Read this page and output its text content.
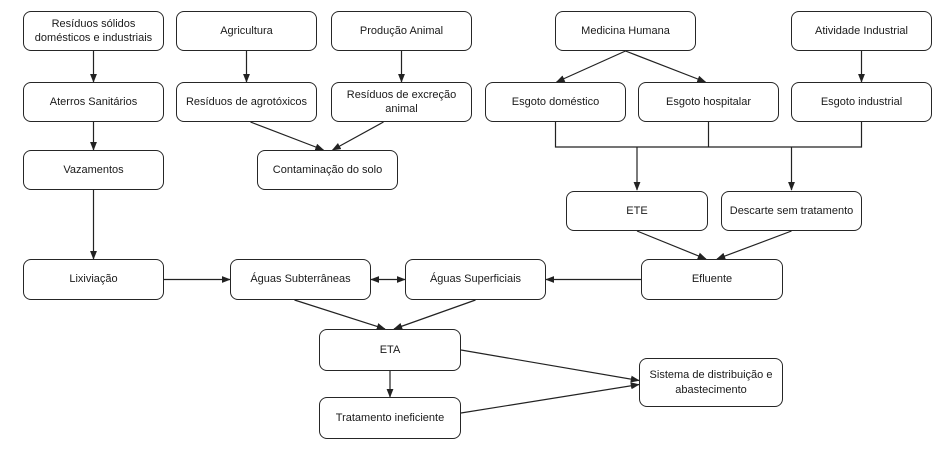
Resíduos sólidos domésticos e industriais
Agricultura	Produção Animal	Medicina Humana	Atividade Industrial
Aterros Sanitários	Resíduos de agrotóxicos
Resíduos de excreção animal
Esgoto doméstico	Esgoto hospitalar	Esgoto industrial
Vazamentos	Contaminação do solo
ETE	Descarte sem tratamento
Lixiviação	Águas Subterrâneas	Águas Superficiais	Efluente
ETA
Sistema de distribuição e abastecimento
Tratamento ineficiente
